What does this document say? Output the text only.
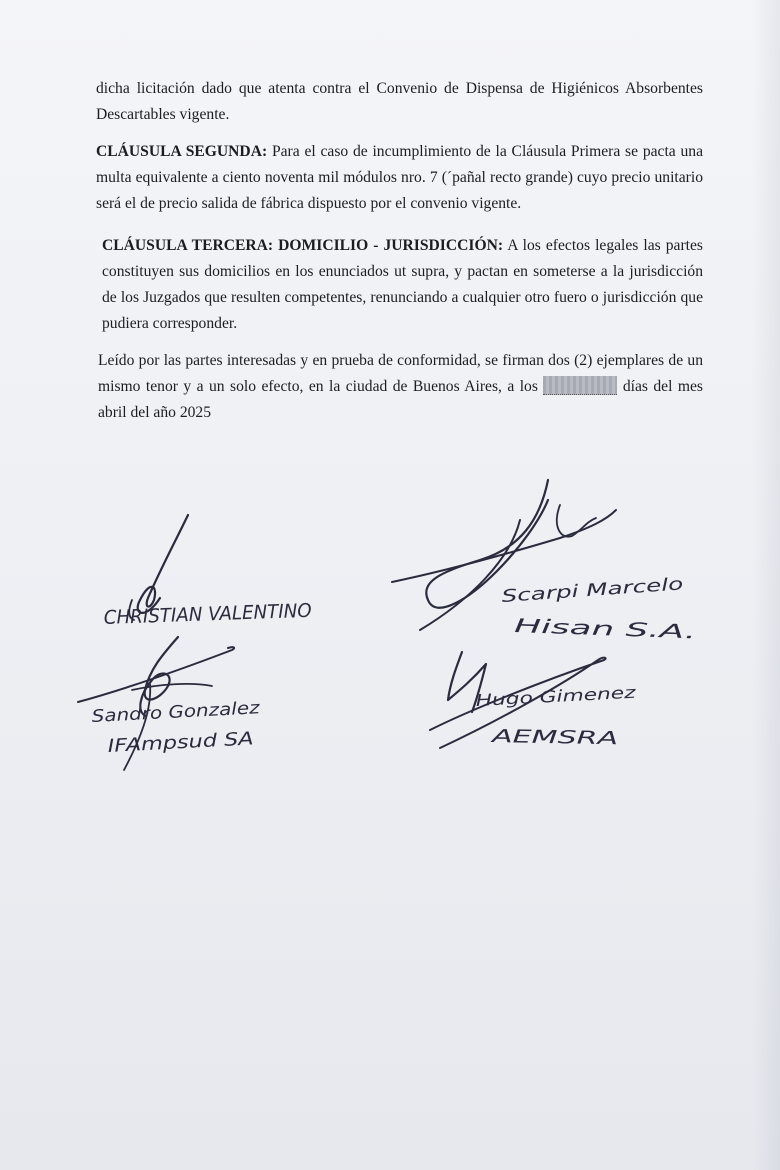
dicha licitación dado que atenta contra el Convenio de Dispensa de Higiénicos Absorbentes Descartables vigente.

CLÁUSULA SEGUNDA: Para el caso de incumplimiento de la Cláusula Primera se pacta una multa equivalente a ciento noventa mil módulos nro. 7 (´pañal recto grande) cuyo precio unitario será el de precio salida de fábrica dispuesto por el convenio vigente.

CLÁUSULA TERCERA: DOMICILIO - JURISDICCIÓN: A los efectos legales las partes constituyen sus domicilios en los enunciados ut supra, y pactan en someterse a la jurisdicción de los Juzgados que resulten competentes, renunciando a cualquier otro fuero o jurisdicción que pudiera corresponder.

Leído por las partes interesadas y en prueba de conformidad, se firman dos (2) ejemplares de un mismo tenor y a un solo efecto, en la ciudad de Buenos Aires, a los	días del mes abril del año 2025

CHRISTIAN VALENTINO
Sandro Gonzalez
IFAmpsud SA
Scarpi Marcelo
Hisan S.A.
Hugo Gimenez
AEMSRA
